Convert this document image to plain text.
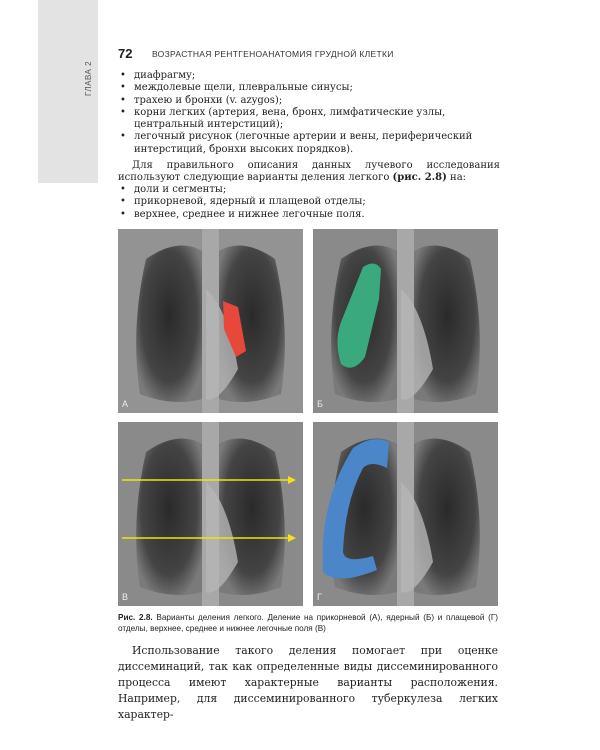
ГЛАВА 2
72 ВОЗРАСТНАЯ РЕНТГЕНОАНАТОМИЯ ГРУДНОЙ КЛЕТКИ
• диафрагму;
• междолевые щели, плевральные синусы;
• трахею и бронхи (v. azygos);
• корни легких (артерия, вена, бронх, лимфатические узлы, центральный интерстиций);
• легочный рисунок (легочные артерии и вены, периферический интерстиций, бронхи высоких порядков).

Для правильного описания данных лучевого исследования используют следующие варианты деления легкого (рис. 2.8) на:

• доли и сегменты;
• прикорневой, ядерный и плащевой отделы;
• верхнее, среднее и нижнее легочные поля.
А	Б
В	Г
Рис. 2.8. Варианты деления легкого. Деление на прикорневой (А), ядерный (Б) и плащевой (Г) отделы, верхнее, среднее и нижнее легочные поля (В)

Использование такого деления помогает при оценке диссеминаций, так как определенные виды диссеминированного процесса имеют характерные варианты расположения. Например, для диссеминированного туберкулеза легких характер-
